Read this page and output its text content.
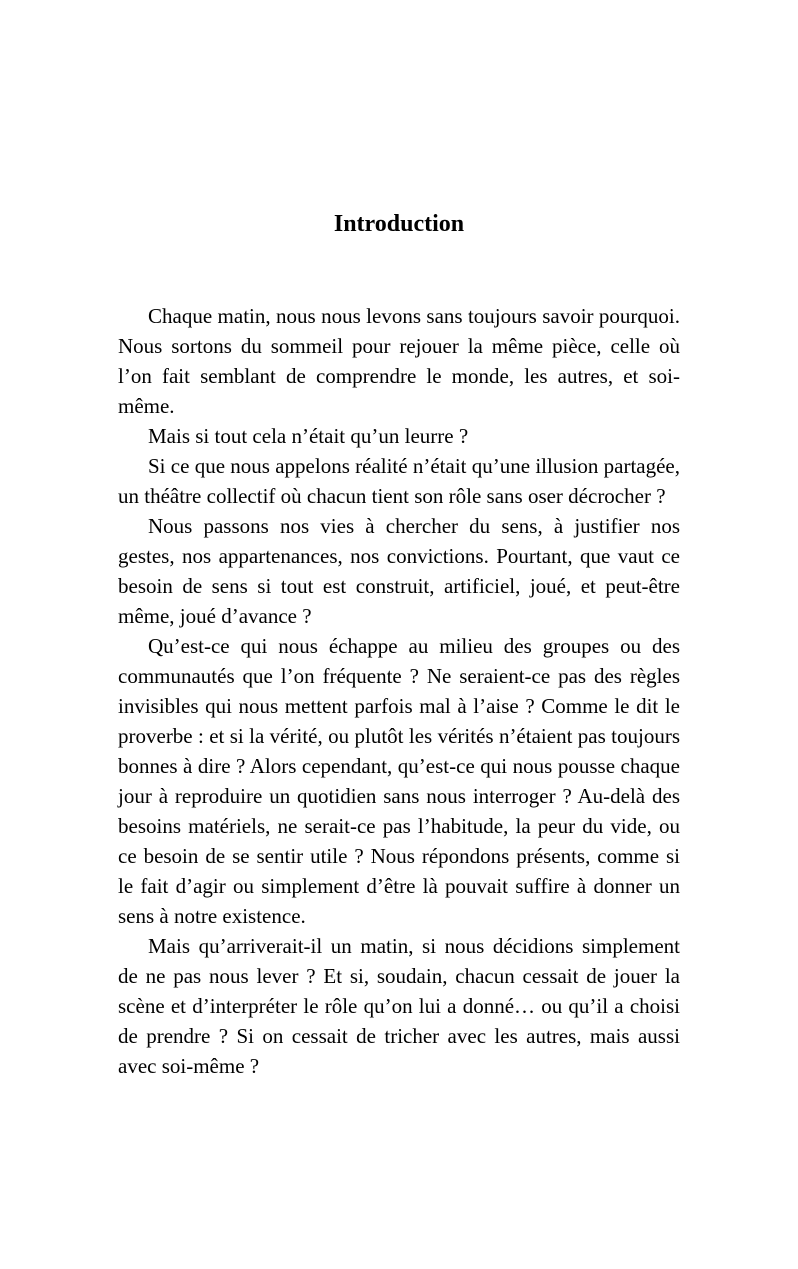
Introduction

Chaque matin, nous nous levons sans toujours savoir pourquoi. Nous sortons du sommeil pour rejouer la même pièce, celle où l’on fait semblant de comprendre le monde, les autres, et soi-même.

Mais si tout cela n’était qu’un leurre ?

Si ce que nous appelons réalité n’était qu’une illusion partagée, un théâtre collectif où chacun tient son rôle sans oser décrocher ?

Nous passons nos vies à chercher du sens, à justifier nos gestes, nos appartenances, nos convictions. Pourtant, que vaut ce besoin de sens si tout est construit, artificiel, joué, et peut-être même, joué d’avance ?

Qu’est-ce qui nous échappe au milieu des groupes ou des communautés que l’on fréquente ? Ne seraient-ce pas des règles invisibles qui nous mettent parfois mal à l’aise ? Comme le dit le proverbe : et si la vérité, ou plutôt les vérités n’étaient pas toujours bonnes à dire ? Alors cependant, qu’est-ce qui nous pousse chaque jour à reproduire un quotidien sans nous interroger ? Au-delà des besoins matériels, ne serait-ce pas l’habitude, la peur du vide, ou ce besoin de se sentir utile ? Nous répondons présents, comme si le fait d’agir ou simplement d’être là pouvait suffire à donner un sens à notre existence.

Mais qu’arriverait-il un matin, si nous décidions simplement de ne pas nous lever ? Et si, soudain, chacun cessait de jouer la scène et d’interpréter le rôle qu’on lui a donné… ou qu’il a choisi de prendre ? Si on cessait de tricher avec les autres, mais aussi avec soi-même ?
